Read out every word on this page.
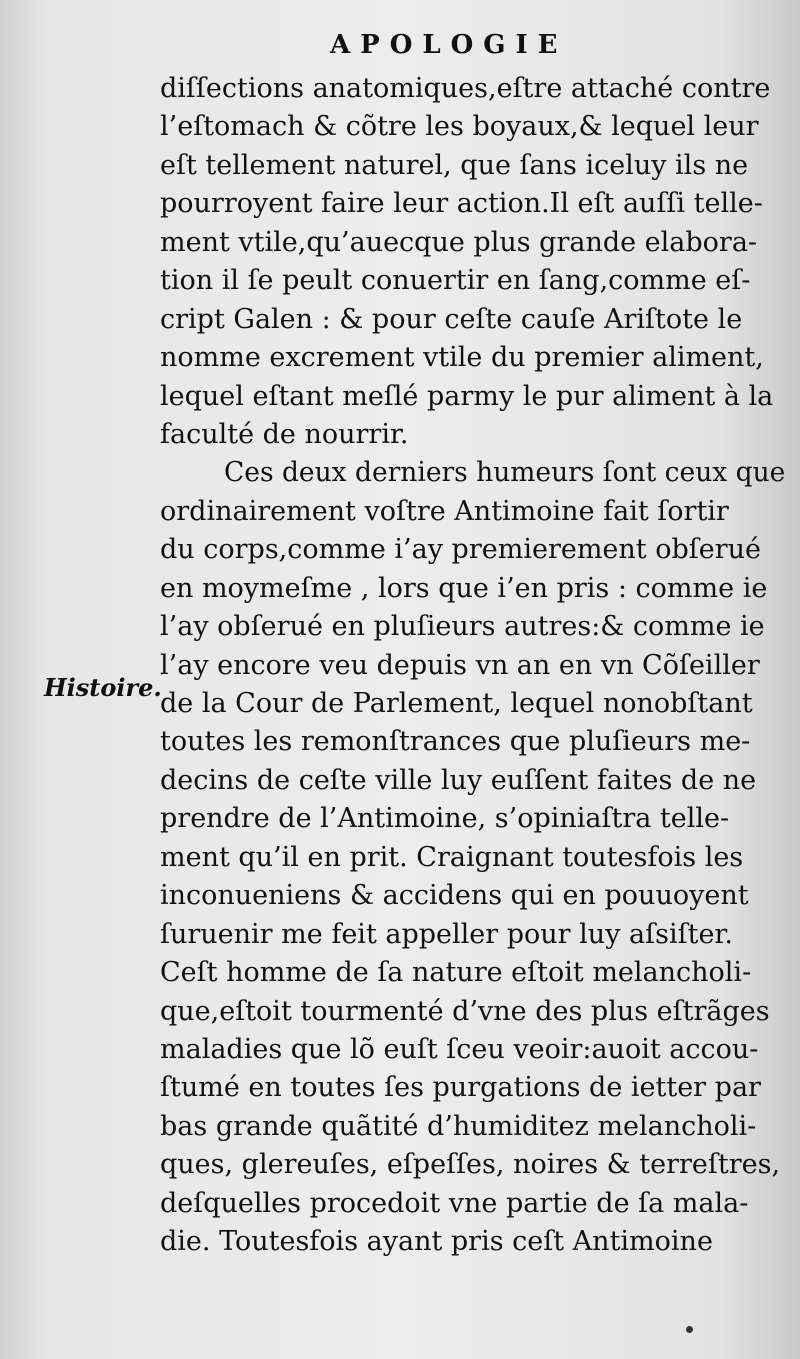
APOLOGIE
Histoire.
diſſections anatomiques,eſtre attaché contre
l’eſtomach & cõtre les boyaux,& lequel leur
eſt tellement naturel, que ſans iceluy ils ne
pourroyent faire leur action.Il eſt auſſi telle-
ment vtile,qu’auecque plus grande elabora-
tion il ſe peult conuertir en ſang,comme eſ-
cript Galen : & pour ceſte cauſe Ariſtote le
nomme excrement vtile du premier aliment,
lequel eſtant meſlé parmy le pur aliment à la
faculté de nourrir.
Ces deux derniers humeurs ſont ceux que
ordinairement voſtre Antimoine fait ſortir
du corps,comme i’ay premierement obſerué
en moymeſme , lors que i’en pris : comme ie
l’ay obſerué en pluſieurs autres:& comme ie
l’ay encore veu depuis vn an en vn Cõſeiller
de la Cour de Parlement, lequel nonobſtant
toutes les remonſtrances que pluſieurs me-
decins de ceſte ville luy euſſent faites de ne
prendre de l’Antimoine, s’opiniaſtra telle-
ment qu’il en prit. Craignant toutesfois les
inconueniens & accidens qui en pouuoyent
ſuruenir me feit appeller pour luy aſsiſter.
Ceſt homme de ſa nature eſtoit melancholi-
que,eſtoit tourmenté d’vne des plus eſtrãges
maladies que lõ euſt ſceu veoir:auoit accou-
ſtumé en toutes ſes purgations de ietter par
bas grande quãtité d’humiditez melancholi-
ques, glereuſes, eſpeſſes, noires & terreſtres,
deſquelles procedoit vne partie de ſa mala-
die. Toutesfois ayant pris ceſt Antimoine
